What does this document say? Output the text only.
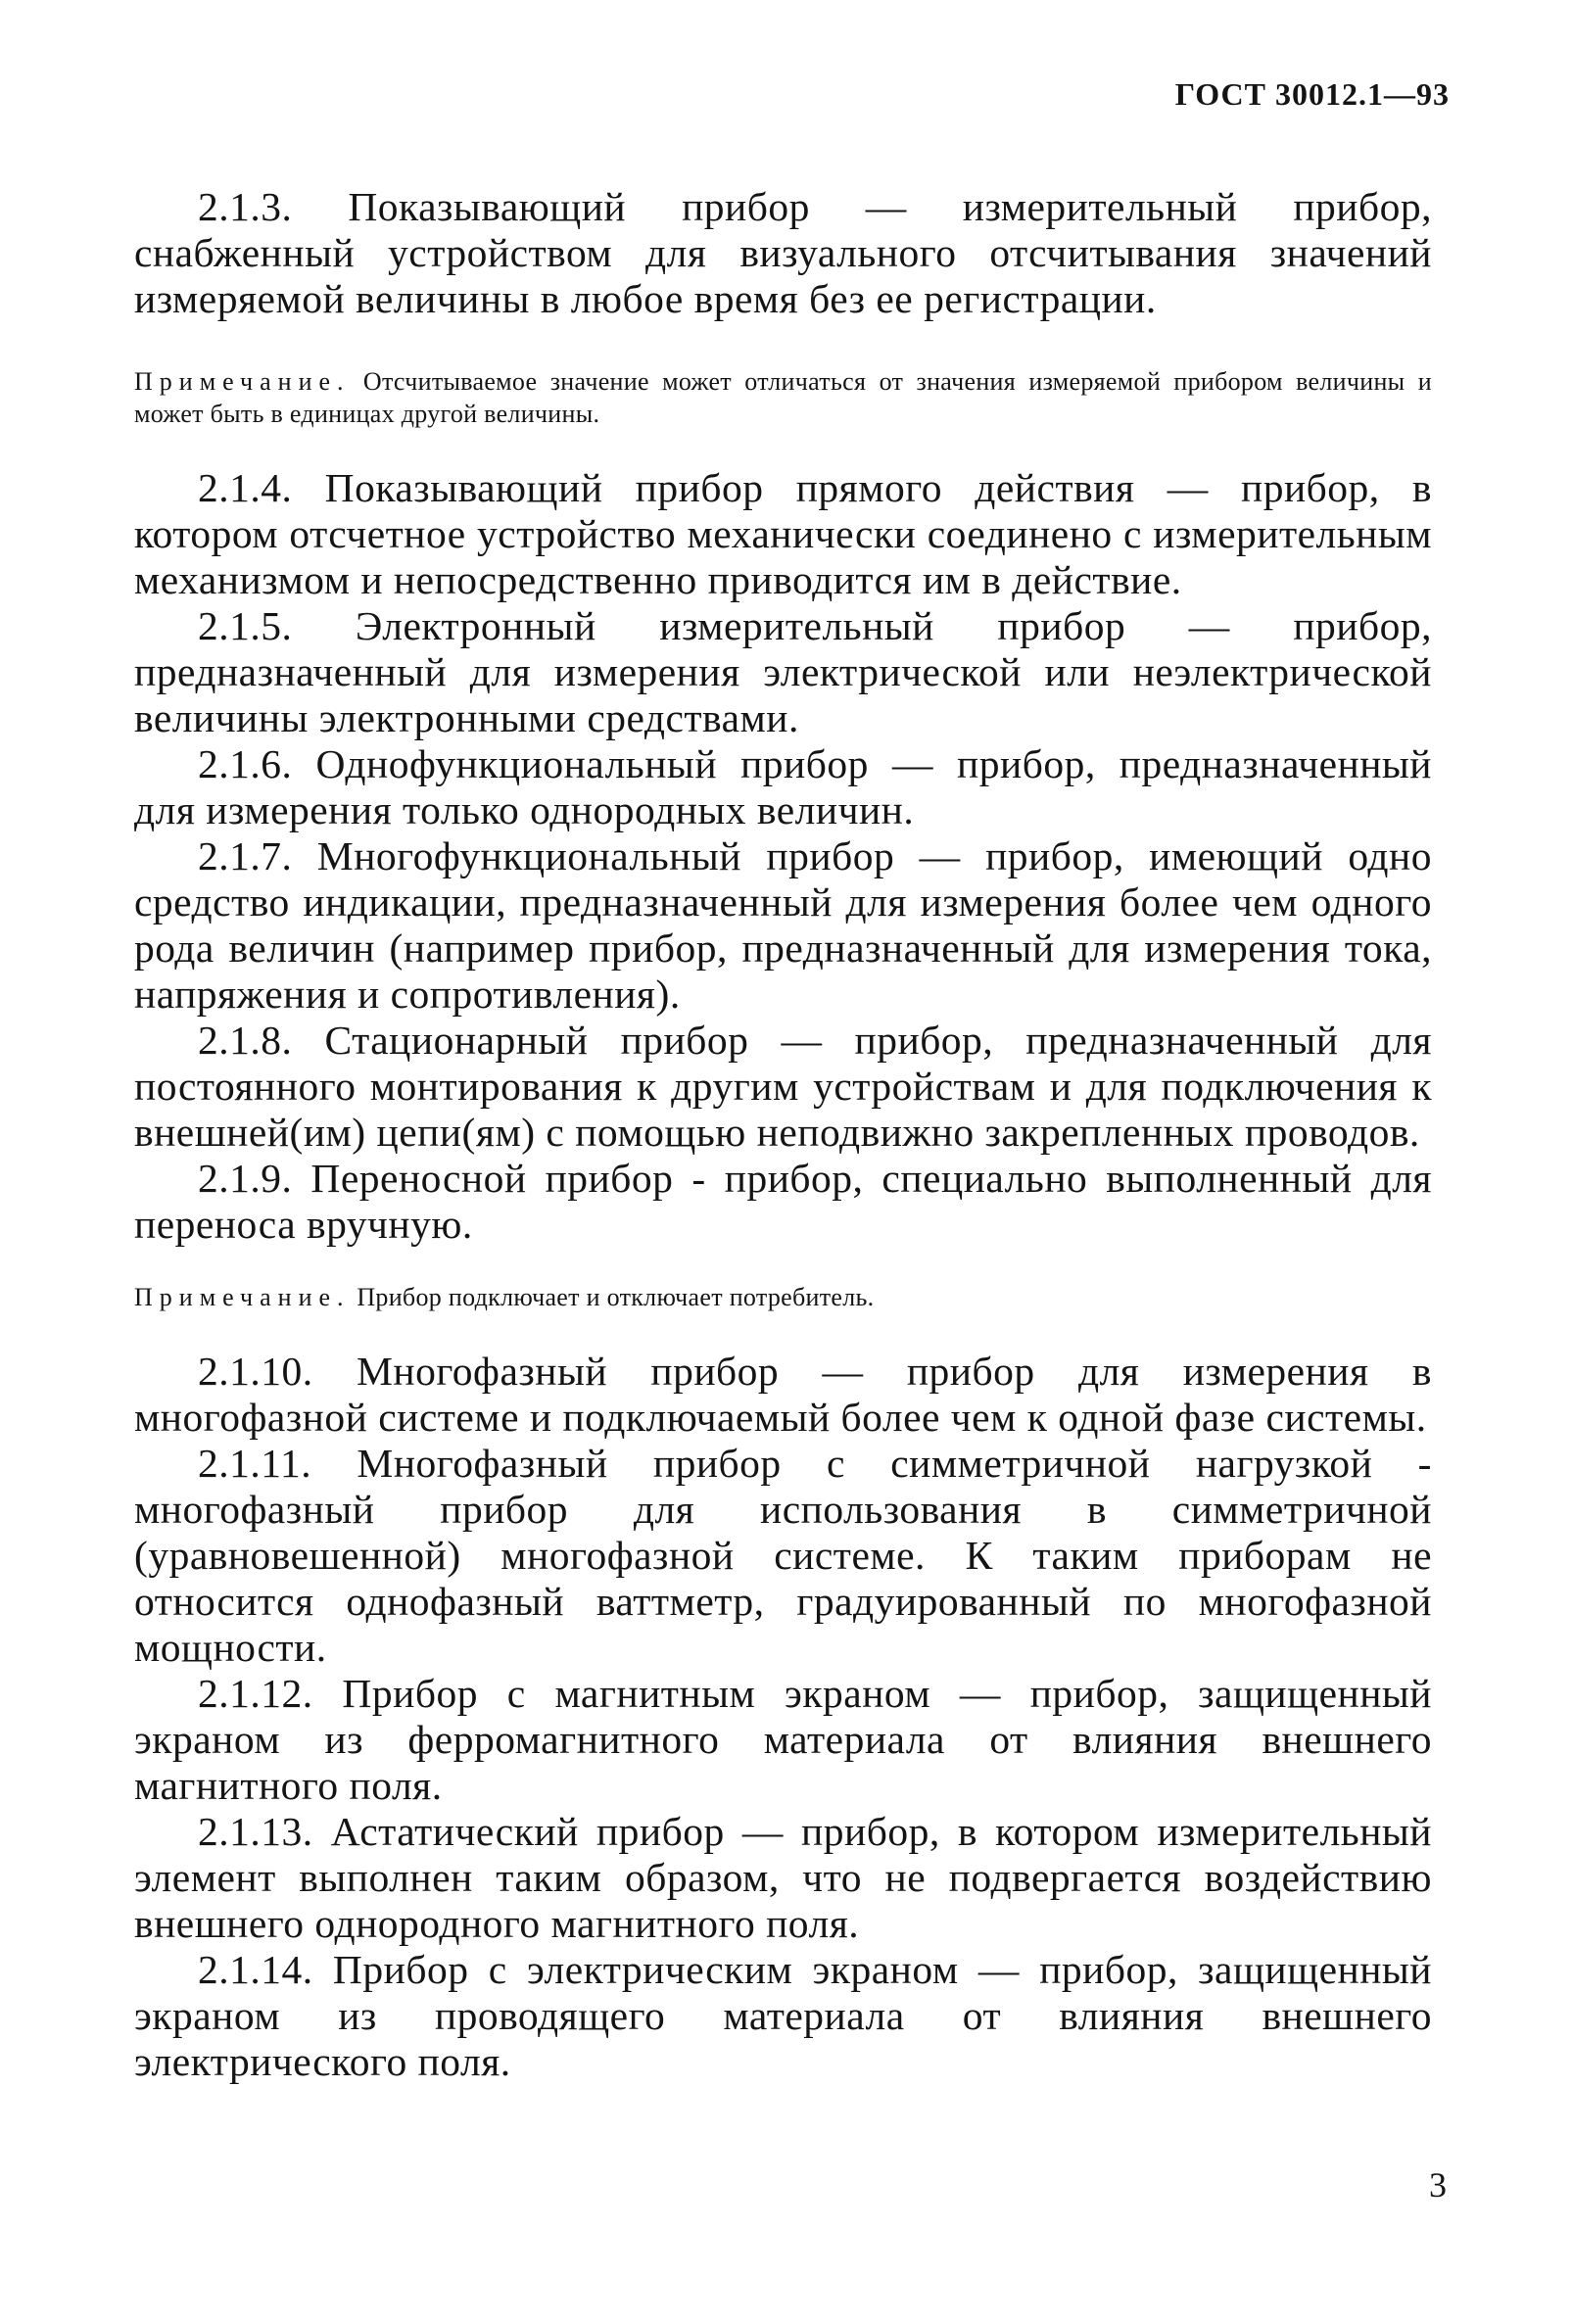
ГОСТ 30012.1—93

2.1.3. Показывающий прибор — измерительный прибор, снабженный устройством для визуального отсчитывания значений измеряемой величины в любое время без ее регистрации.

Примечание. Отсчитываемое значение может отличаться от значения измеряемой прибором величины и может быть в единицах другой величины.

2.1.4. Показывающий прибор прямого действия — прибор, в котором отсчетное устройство механически соединено с измерительным механизмом и непосредственно приводится им в действие.

2.1.5. Электронный измерительный прибор — прибор, предназначенный для измерения электрической или неэлектрической величины электронными средствами.

2.1.6. Однофункциональный прибор — прибор, предназначенный для измерения только однородных величин.

2.1.7. Многофункциональный прибор — прибор, имеющий одно средство индикации, предназначенный для измерения более чем одного рода величин (например прибор, предназначенный для измерения тока, напряжения и сопротивления).

2.1.8. Стационарный прибор — прибор, предназначенный для постоянного монтирования к другим устройствам и для подключения к внешней(им) цепи(ям) с помощью неподвижно закрепленных проводов.

2.1.9. Переносной прибор - прибор, специально выполненный для переноса вручную.

Примечание. Прибор подключает и отключает потребитель.

2.1.10. Многофазный прибор — прибор для измерения в многофазной системе и подключаемый более чем к одной фазе системы.

2.1.11. Многофазный прибор с симметричной нагрузкой - многофазный прибор для использования в симметричной (уравновешенной) многофазной системе. К таким приборам не относится однофазный ваттметр, градуированный по многофазной мощности.

2.1.12. Прибор с магнитным экраном — прибор, защищенный экраном из ферромагнитного материала от влияния внешнего магнитного поля.

2.1.13. Астатический прибор — прибор, в котором измерительный элемент выполнен таким образом, что не подвергается воздействию внешнего однородного магнитного поля.

2.1.14. Прибор с электрическим экраном — прибор, защищенный экраном из проводящего материала от влияния внешнего электрического поля.

3
